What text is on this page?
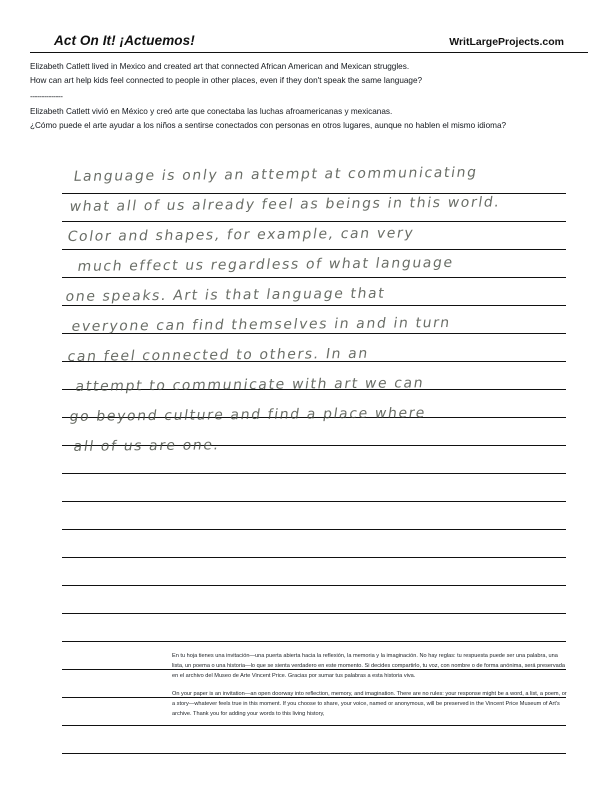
Act On It! ¡Actuemos!	WritLargeProjects.com

Elizabeth Catlett lived in Mexico and created art that connected African American and Mexican struggles.

How can art help kids feel connected to people in other places, even if they don't speak the same language?

--------------

Elizabeth Catlett vivió en México y creó arte que conectaba las luchas afroamericanas y mexicanas.

¿Cómo puede el arte ayudar a los niños a sentirse conectados con personas en otros lugares, aunque no hablen el mismo idioma?

Language is only an attempt at communicating
what all of us already feel as beings in this world.
Color and shapes, for example, can very
much effect us regardless of what language
one speaks. Art is that language that
everyone can find themselves in and in turn
can feel connected to others. In an
attempt to communicate with art we can
go beyond culture and find a place where
all of us are one.

En tu hoja tienes una invitación—una puerta abierta hacia la reflexión, la memoria y la imaginación. No hay reglas: tu respuesta puede ser una palabra, una lista, un poema o una historia—lo que se sienta verdadero en este momento. Si decides compartirlo, tu voz, con nombre o de forma anónima, será preservada en el archivo del Museo de Arte Vincent Price. Gracias por sumar tus palabras a esta historia viva.

On your paper is an invitation—an open doorway into reflection, memory, and imagination. There are no rules: your response might be a word, a list, a poem, or a story—whatever feels true in this moment. If you choose to share, your voice, named or anonymous, will be preserved in the Vincent Price Museum of Art's archive. Thank you for adding your words to this living history,
